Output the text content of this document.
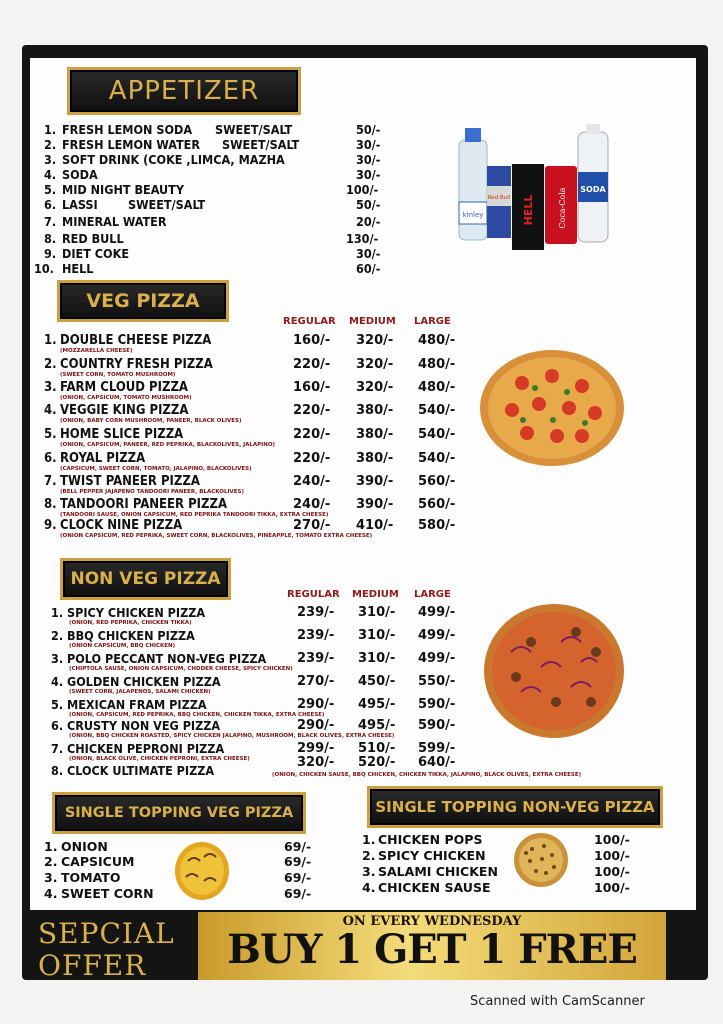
APPETIZER
1. FRESH LEMON SODA SWEET/SALT	50/-
2. FRESH LEMON WATER SWEET/SALT	30/-
3. SOFT DRINK (COKE ,LIMCA, MAZHA	30/-
4. SODA	30/-
5. MID NIGHT BEAUTY	100/-
6. LASSI SWEET/SALT	50/-
7. MINERAL WATER	20/-
8. RED BULL	130/-
9. DIET COKE	30/-
10. HELL	60/-
kinley
Red Bull HELL	Coca-Cola SODA
VEG PIZZA
REGULAR MEDIUM LARGE
1. DOUBLE CHEESE PIZZA
(MOZZARELLA CHEESE)
160/- 320/- 480/-
2. COUNTRY FRESH PIZZA
(SWEET CORN, TOMATO MUSHROOM)
220/- 320/- 480/-
3. FARM CLOUD PIZZA
(ONION, CAPSICUM, TOMATO MUSHROOM)
160/- 320/- 480/-
4. VEGGIE KING PIZZA
(ONION, BABY CORN MUSHROOM, PANEER, BLACK OLIVES)
220/- 380/- 540/-
5. HOME SLICE PIZZA
(ONION, CAPSICUM, PANEER, RED PEPRIKA, BLACKOLIVES, JALAPINO)
220/- 380/- 540/-
6. ROYAL PIZZA
(CAPSICUM, SWEET CORN, TOMATO, JALAPINO, BLACKOLIVES)
220/- 380/- 540/-
7. TWIST PANEER PIZZA
(BELL PEPPER JAJAPENO TANDOORI PANEER, BLACKOLIVES)
240/- 390/- 560/-
8. TANDOORI PANEER PIZZA
(TANDOORI SAUSE, ONION CAPSICUM, RED PEPRIKA TANDOORI TIKKA, EXTRA CHEESE)
240/- 390/- 560/-
9. CLOCK NINE PIZZA
(ONION CAPSICUM, RED PEPRIKA, SWEET CORN, BLACKOLIVES, PINEAPPLE, TOMATO EXTRA CHEESE)
270/- 410/- 580/-
NON VEG PIZZA
REGULAR MEDIUM LARGE
1. SPICY CHICKEN PIZZA
(ONION, RED PEPRIKA, CHICKEN TIKKA)
239/- 310/- 499/-
2. BBQ CHICKEN PIZZA
(ONION CAPSICUM, BBQ CHICKEN)
239/- 310/- 499/-
3. POLO PECCANT NON-VEG PIZZA
(CHIPTOLA SAUSE, ONION CAPSICUM, CHDDER CHEESE, SPICY CHICKEN)
239/- 310/- 499/-
4. GOLDEN CHICKEN PIZZA
(SWEET CORN, JALAPENOS, SALAMI CHICKEN)
270/- 450/- 550/-
5. MEXICAN FRAM PIZZA
(ONION, CAPSICUM, RED PEPRIKA, BBQ CHICKEN, CHICKEN TIKKA, EXTRA CHEESE)
290/- 495/- 590/-
6. CRUSTY NON VEG PIZZA
(ONION, BBQ CHICKEN ROASTED, SPICY CHICKEN JALAPINO, MUSHROOM, BLACK OLIVES, EXTRA CHEESE)
290/- 495/- 590/-
7. CHICKEN PEPRONI PIZZA
(ONION, BLACK OLIVE, CHICKEN PEPRONI, EXTRA CHEESE)
299/- 510/- 599/-
8. CLOCK ULTIMATE PIZZA	(ONION, CHICKEN SAUSE, BBQ CHICKEN, CHICKEN TIKKA, JALAPINO, BLACK OLIVES, EXTRA CHEESE)
320/- 520/- 640/-
SINGLE TOPPING VEG PIZZA
1. ONION	69/-
2. CAPSICUM	69/-
3. TOMATO	69/-
4. SWEET CORN	69/-
SINGLE TOPPING NON-VEG PIZZA
1. CHICKEN POPS	100/-
2. SPICY CHICKEN	100/-
3. SALAMI CHICKEN	100/-
4. CHICKEN SAUSE	100/-
SEPCIAL OFFER
ON EVERY WEDNESDAY
BUY 1 GET 1 FREE
Scanned with CamScanner
